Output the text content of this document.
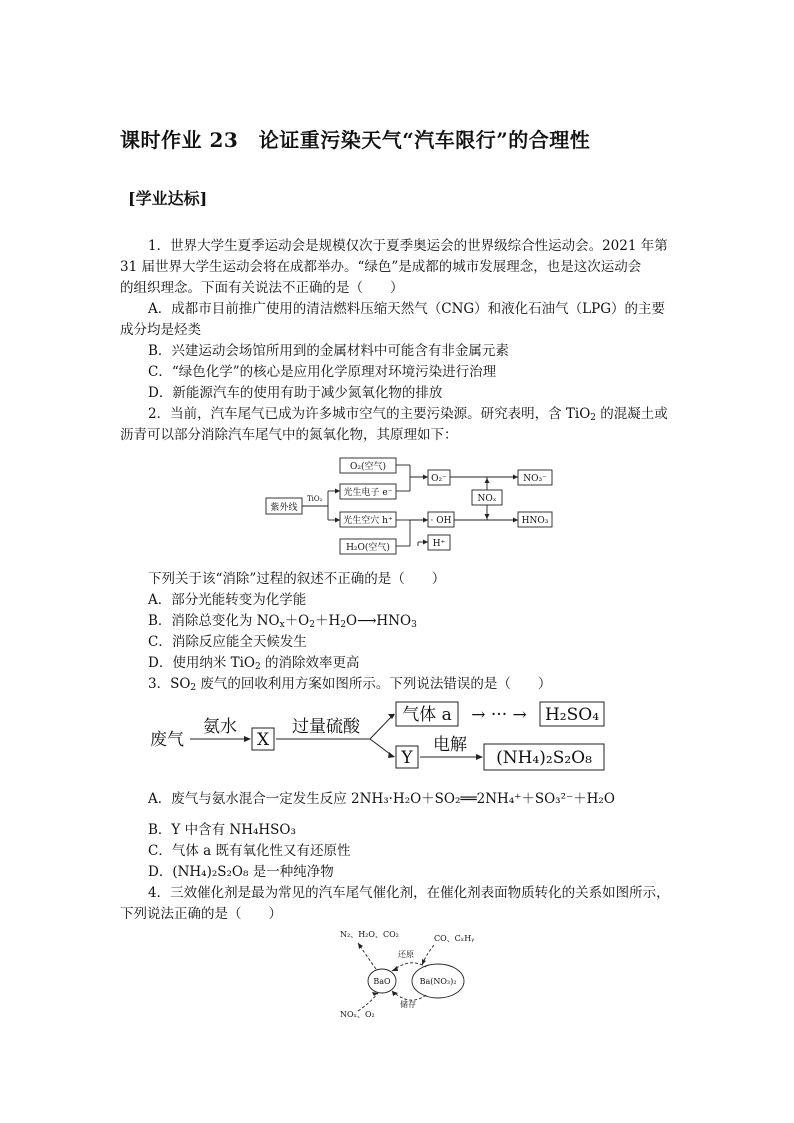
课时作业 23　论证重污染天气“汽车限行”的合理性
[学业达标]
1．世界大学生夏季运动会是规模仅次于夏季奥运会的世界级综合性运动会。2021 年第
31 届世界大学生运动会将在成都举办。“绿色”是成都的城市发展理念，也是这次运动会
的组织理念。下面有关说法不正确的是（　　）
A．成都市目前推广使用的清洁燃料压缩天然气（CNG）和液化石油气（LPG）的主要
成分均是烃类
B．兴建运动会场馆所用到的金属材料中可能含有非金属元素
C．“绿色化学”的核心是应用化学原理对环境污染进行治理
D．新能源汽车的使用有助于减少氮氧化物的排放
2．当前，汽车尾气已成为许多城市空气的主要污染源。研究表明，含 TiO$_2$ 的混凝土或
沥青可以部分消除汽车尾气中的氮氧化物，其原理如下：
紫外线
TiO₂
O₂(空气)
光生电子 e⁻
光生空穴 h⁺
H₂O(空气)
O₂⁻
· OH
H⁺
NOₓ
NO₃⁻
HNO₃
下列关于该“消除”过程的叙述不正确的是（　　）
A．部分光能转变为化学能
B．消除总变化为 $NO_x+O_2+H_2O⟶HNO_3$
C．消除反应能全天候发生
D．使用纳米 TiO$_2$ 的消除效率更高
3．$SO_2$ 废气的回收利用方案如图所示。下列说法错误的是（　　）
废气
氨水
X
过量硫酸
气体 a → ··· → H₂SO₄
Y
电解
(NH₄)₂S₂O₈
A．废气与氨水混合一定发生反应 2NH₃·H₂O＋SO₂══2NH₄⁺＋SO₃²⁻＋H₂O
B．Y 中含有 NH₄HSO₃
C．气体 a 既有氧化性又有还原性
D．(NH₄)₂S₂O₈ 是一种纯净物
4．三效催化剂是最为常见的汽车尾气催化剂，在催化剂表面物质转化的关系如图所示，
下列说法正确的是（　　）
N₂、H₂O、CO₂	CO、CₓHᵧ
还原
BaO	Ba(NO₃)₂
储存
NOₓ、O₂
